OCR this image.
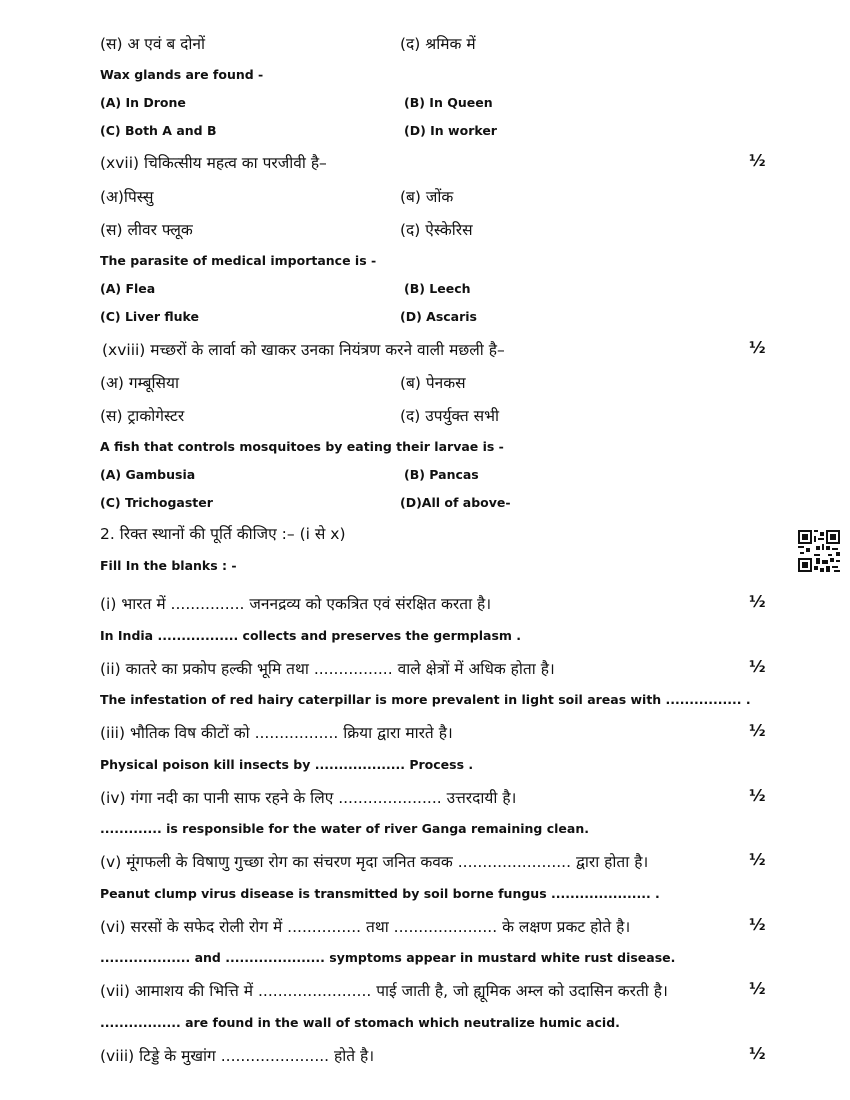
(स) अ एवं ब दोनों	(द) श्रमिक में
Wax glands are found -
(A) In Drone	(B) In Queen
(C) Both A and B	(D) In worker
(xvii) चिकित्सीय महत्व का परजीवी है–	½
(अ)पिस्सु	(ब) जोंक
(स) लीवर फ्लूक	(द) ऐस्केरिस
The parasite of medical importance is -
(A) Flea	(B) Leech
(C) Liver fluke	(D) Ascaris
(xviii) मच्छरों के लार्वा को खाकर उनका नियंत्रण करने वाली मछली है–	½
(अ) गम्बूसिया	(ब) पेनकस
(स) ट्राकोगेस्टर	(द) उपर्युक्त सभी
A fish that controls mosquitoes by eating their larvae is -
(A) Gambusia	(B) Pancas
(C) Trichogaster	(D)All of above-
2. रिक्त स्थानों की पूर्ति कीजिए :– (i से x)
Fill In the blanks : -
(i) भारत में ............... जननद्रव्य को एकत्रित एवं संरक्षित करता है।	½
In India ................. collects and preserves the germplasm .
(ii) कातरे का प्रकोप हल्की भूमि तथा ................ वाले क्षेत्रों में अधिक होता है।	½
The infestation of red hairy caterpillar is more prevalent in light soil areas with ................ .
(iii) भौतिक विष कीटों को ................. क्रिया द्वारा मारते है।	½
Physical poison kill insects by ................... Process .
(iv) गंगा नदी का पानी साफ रहने के लिए ..................... उत्तरदायी है।	½
............. is responsible for the water of river Ganga remaining clean.
(v) मूंगफली के विषाणु गुच्छा रोग का संचरण मृदा जनित कवक ....................... द्वारा होता है।	½
Peanut clump virus disease is transmitted by soil borne fungus ..................... .
(vi) सरसों के सफेद रोली रोग में ............... तथा ..................... के लक्षण प्रकट होते है।	½
................... and ..................... symptoms appear in mustard white rust disease.
(vii) आमाशय की भित्ति में ....................... पाई जाती है, जो ह्यूमिक अम्ल को उदासिन करती है।	½
................. are found in the wall of stomach which neutralize humic acid.
(viii) टिड्डे के मुखांग ...................... होते है।	½
